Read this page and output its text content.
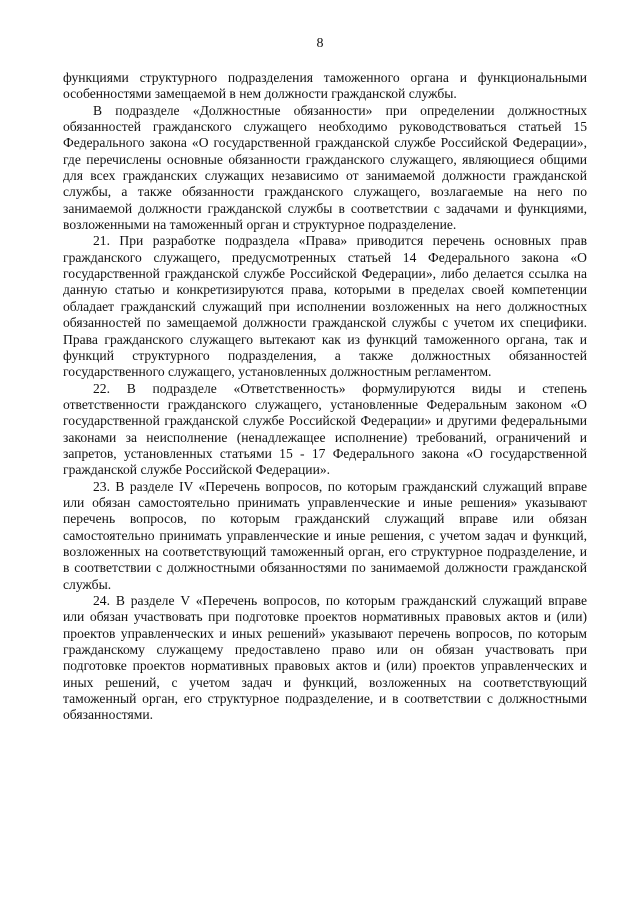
8

функциями структурного подразделения таможенного органа и функциональными особенностями замещаемой в нем должности гражданской службы.

В подразделе «Должностные обязанности» при определении должностных обязанностей гражданского служащего необходимо руководствоваться статьей 15 Федерального закона «О государственной гражданской службе Российской Федерации», где перечислены основные обязанности гражданского служащего, являющиеся общими для всех гражданских служащих независимо от занимаемой должности гражданской службы, а также обязанности гражданского служащего, возлагаемые на него по занимаемой должности гражданской службы в соответствии с задачами и функциями, возложенными на таможенный орган и структурное подразделение.

21. При разработке подраздела «Права» приводится перечень основных прав гражданского служащего, предусмотренных статьей 14 Федерального закона «О государственной гражданской службе Российской Федерации», либо делается ссылка на данную статью и конкретизируются права, которыми в пределах своей компетенции обладает гражданский служащий при исполнении возложенных на него должностных обязанностей по замещаемой должности гражданской службы с учетом их специфики. Права гражданского служащего вытекают как из функций таможенного органа, так и функций структурного подразделения, а также должностных обязанностей государственного служащего, установленных должностным регламентом.

22. В подразделе «Ответственность» формулируются виды и степень ответственности гражданского служащего, установленные Федеральным законом «О государственной гражданской службе Российской Федерации» и другими федеральными законами за неисполнение (ненадлежащее исполнение) требований, ограничений и запретов, установленных статьями 15 - 17 Федерального закона «О государственной гражданской службе Российской Федерации».

23. В разделе IV «Перечень вопросов, по которым гражданский служащий вправе или обязан самостоятельно принимать управленческие и иные решения» указывают перечень вопросов, по которым гражданский служащий вправе или обязан самостоятельно принимать управленческие и иные решения, с учетом задач и функций, возложенных на соответствующий таможенный орган, его структурное подразделение, и в соответствии с должностными обязанностями по занимаемой должности гражданской службы.

24. В разделе V «Перечень вопросов, по которым гражданский служащий вправе или обязан участвовать при подготовке проектов нормативных правовых актов и (или) проектов управленческих и иных решений» указывают перечень вопросов, по которым гражданскому служащему предоставлено право или он обязан участвовать при подготовке проектов нормативных правовых актов и (или) проектов управленческих и иных решений, с учетом задач и функций, возложенных на соответствующий таможенный орган, его структурное подразделение, и в соответствии с должностными обязанностями.
